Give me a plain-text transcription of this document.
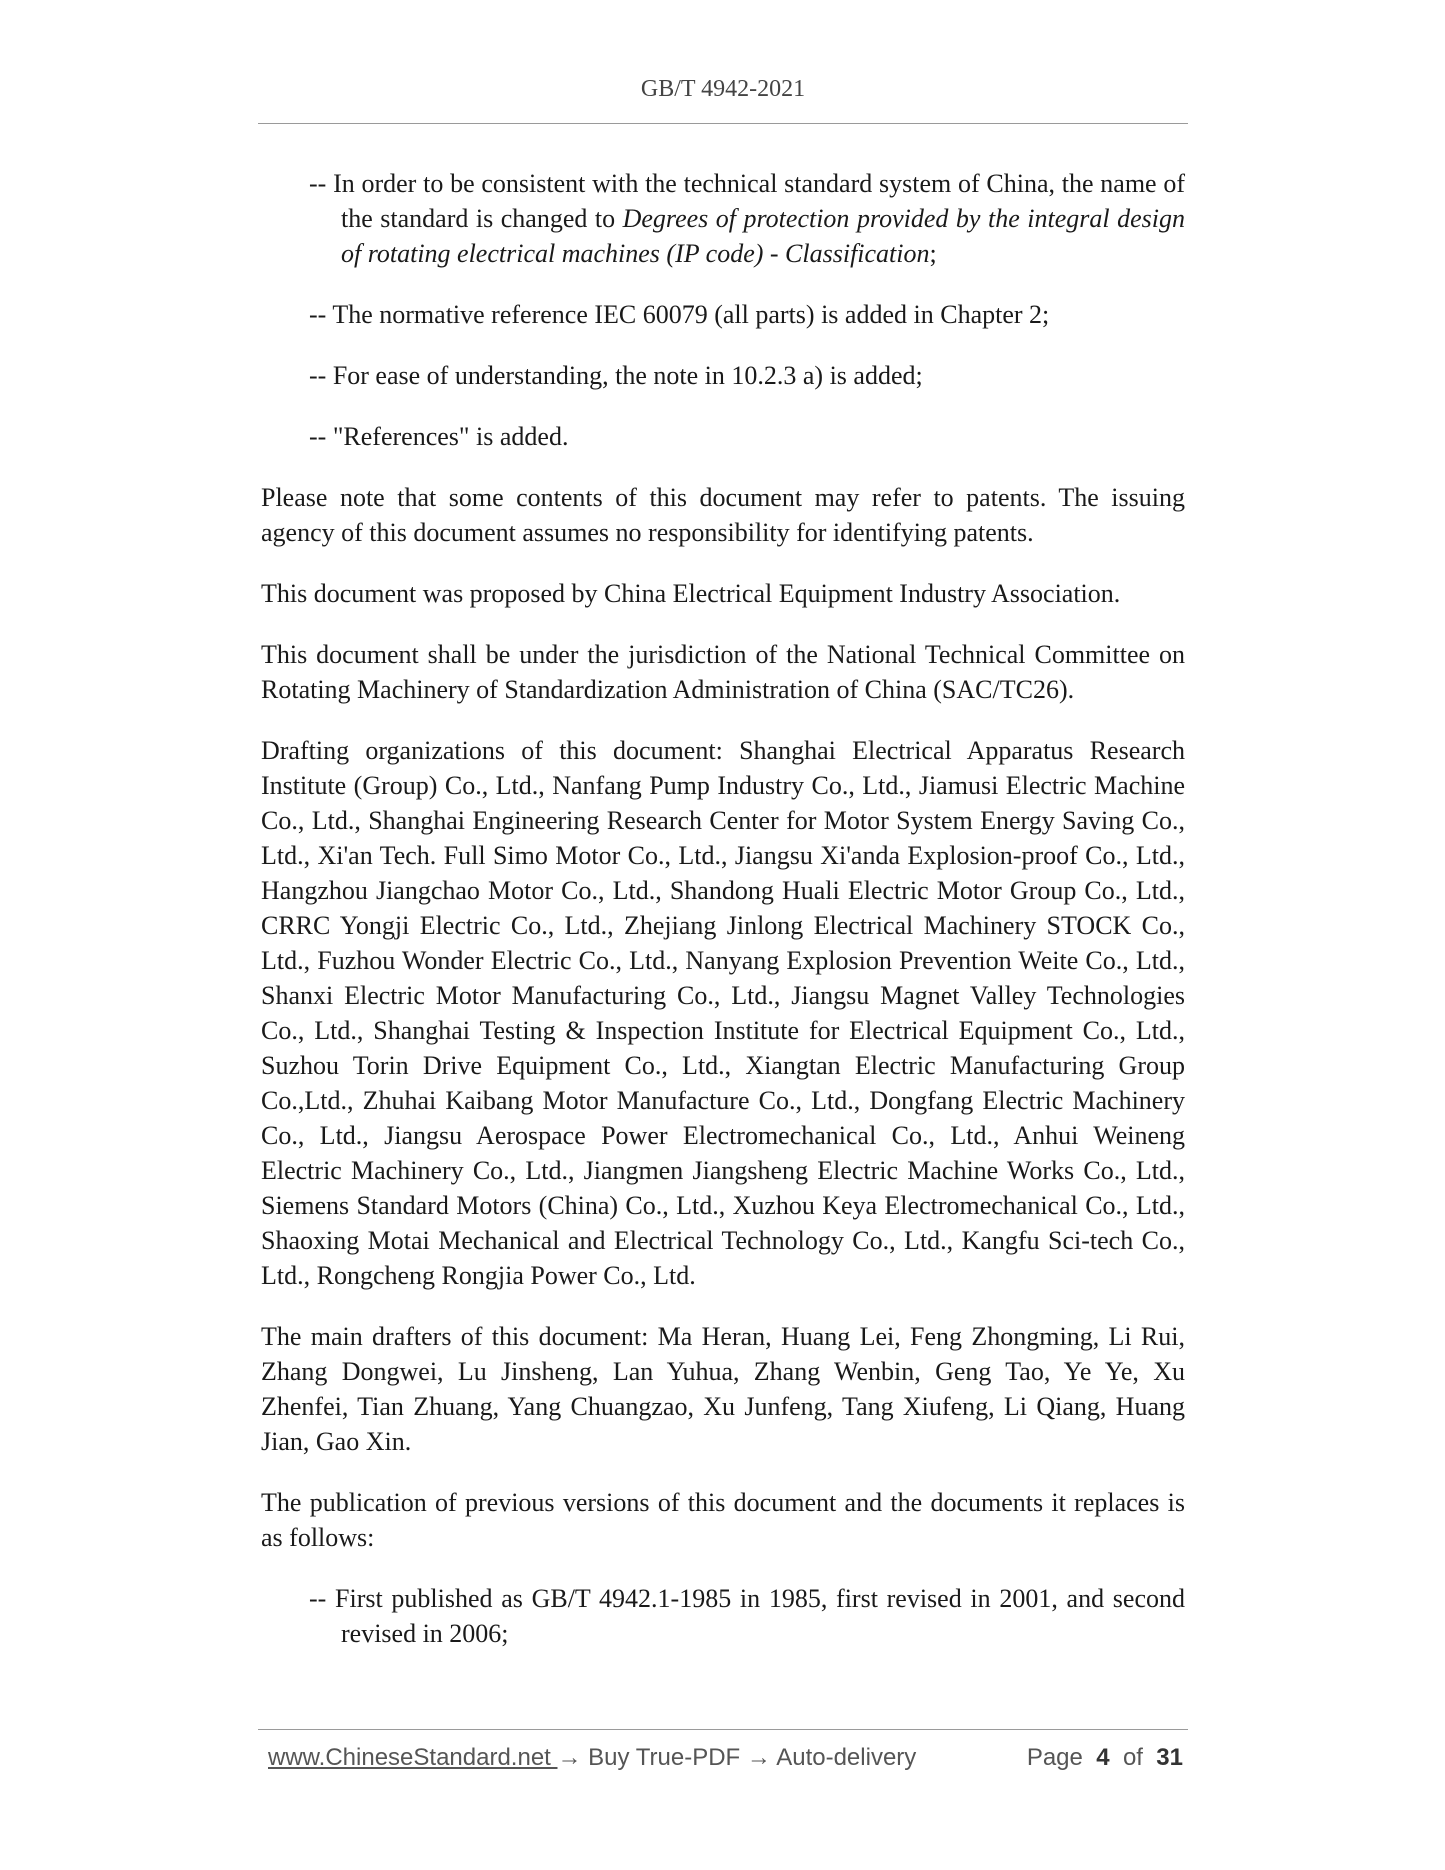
GB/T 4942-2021

-- In order to be consistent with the technical standard system of China, the name of the standard is changed to Degrees of protection provided by the integral design of rotating electrical machines (IP code) - Classification;

-- The normative reference IEC 60079 (all parts) is added in Chapter 2;

-- For ease of understanding, the note in 10.2.3 a) is added;

-- "References" is added.

Please note that some contents of this document may refer to patents. The issuing agency of this document assumes no responsibility for identifying patents.

This document was proposed by China Electrical Equipment Industry Association.

This document shall be under the jurisdiction of the National Technical Committee on Rotating Machinery of Standardization Administration of China (SAC/TC26).

Drafting organizations of this document: Shanghai Electrical Apparatus Research Institute (Group) Co., Ltd., Nanfang Pump Industry Co., Ltd., Jiamusi Electric Machine Co., Ltd., Shanghai Engineering Research Center for Motor System Energy Saving Co., Ltd., Xi'an Tech. Full Simo Motor Co., Ltd., Jiangsu Xi'anda Explosion-proof Co., Ltd., Hangzhou Jiangchao Motor Co., Ltd., Shandong Huali Electric Motor Group Co., Ltd., CRRC Yongji Electric Co., Ltd., Zhejiang Jinlong Electrical Machinery STOCK Co., Ltd., Fuzhou Wonder Electric Co., Ltd., Nanyang Explosion Prevention Weite Co., Ltd., Shanxi Electric Motor Manufacturing Co., Ltd., Jiangsu Magnet Valley Technologies Co., Ltd., Shanghai Testing & Inspection Institute for Electrical Equipment Co., Ltd., Suzhou Torin Drive Equipment Co., Ltd., Xiangtan Electric Manufacturing Group Co.,Ltd., Zhuhai Kaibang Motor Manufacture Co., Ltd., Dongfang Electric Machinery Co., Ltd., Jiangsu Aerospace Power Electromechanical Co., Ltd., Anhui Weineng Electric Machinery Co., Ltd., Jiangmen Jiangsheng Electric Machine Works Co., Ltd., Siemens Standard Motors (China) Co., Ltd., Xuzhou Keya Electromechanical Co., Ltd., Shaoxing Motai Mechanical and Electrical Technology Co., Ltd., Kangfu Sci-tech Co., Ltd., Rongcheng Rongjia Power Co., Ltd.

The main drafters of this document: Ma Heran, Huang Lei, Feng Zhongming, Li Rui, Zhang Dongwei, Lu Jinsheng, Lan Yuhua, Zhang Wenbin, Geng Tao, Ye Ye, Xu Zhenfei, Tian Zhuang, Yang Chuangzao, Xu Junfeng, Tang Xiufeng, Li Qiang, Huang Jian, Gao Xin.

The publication of previous versions of this document and the documents it replaces is as follows:

-- First published as GB/T 4942.1-1985 in 1985, first revised in 2001, and second revised in 2006;

www.ChineseStandard.net → Buy True-PDF → Auto-delivery	Page 4 of 31
